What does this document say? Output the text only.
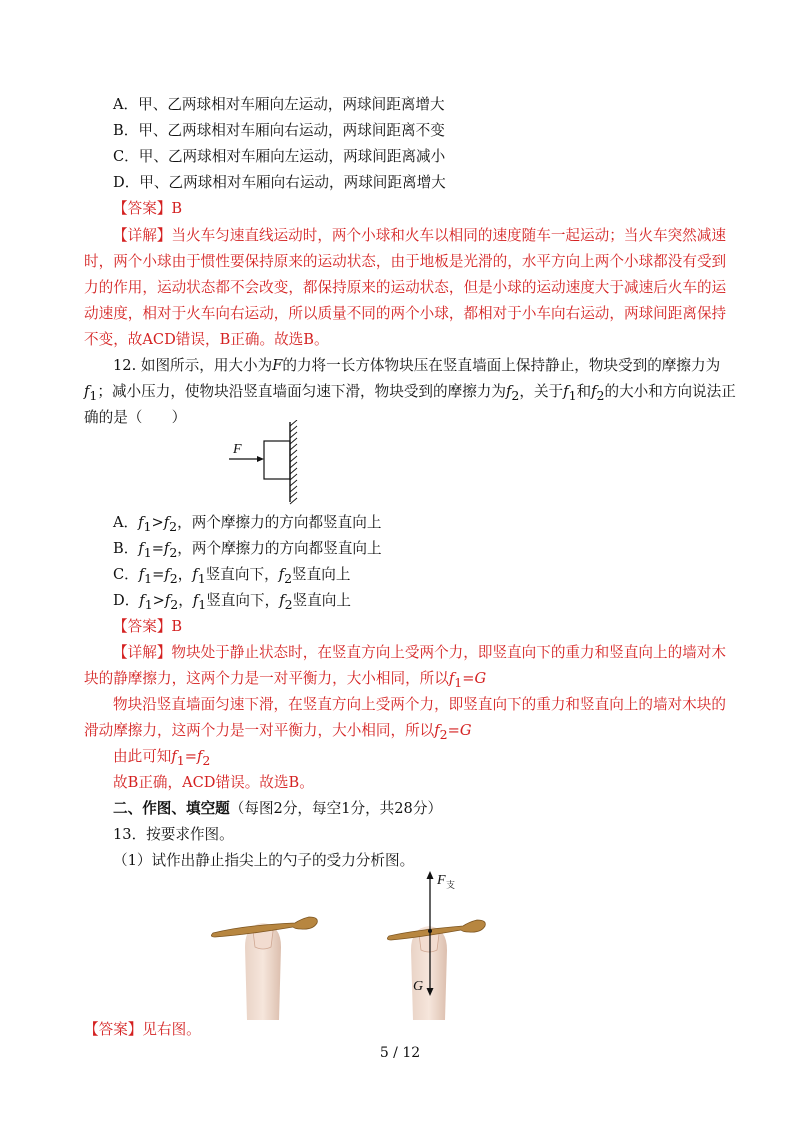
A．甲、乙两球相对车厢向左运动，两球间距离增大
B．甲、乙两球相对车厢向右运动，两球间距离不变
C．甲、乙两球相对车厢向左运动，两球间距离减小
D．甲、乙两球相对车厢向右运动，两球间距离增大
【答案】B
【详解】当火车匀速直线运动时，两个小球和火车以相同的速度随车一起运动；当火车突然减速
时，两个小球由于惯性要保持原来的运动状态，由于地板是光滑的，水平方向上两个小球都没有受到
力的作用，运动状态都不会改变，都保持原来的运动状态，但是小球的运动速度大于减速后火车的运
动速度，相对于火车向右运动，所以质量不同的两个小球，都相对于小车向右运动，两球间距离保持
不变，故ACD错误，B正确。故选B。
12. 如图所示，用大小为F的力将一长方体物块压在竖直墙面上保持静止，物块受到的摩擦力为
$f_1$；减小压力，使物块沿竖直墙面匀速下滑，物块受到的摩擦力为$f_2$，关于$f_1$和$f_2$的大小和方向说法正
确的是（　　）
F
A．$f_1>f_2$，两个摩擦力的方向都竖直向上
B．$f_1=f_2$，两个摩擦力的方向都竖直向上
C．$f_1=f_2$，$f_1$竖直向下，$f_2$竖直向上
D．$f_1>f_2$，$f_1$竖直向下，$f_2$竖直向上
【答案】B
【详解】物块处于静止状态时，在竖直方向上受两个力，即竖直向下的重力和竖直向上的墙对木
块的静摩擦力，这两个力是一对平衡力，大小相同，所以$f_1=G$
物块沿竖直墙面匀速下滑，在竖直方向上受两个力，即竖直向下的重力和竖直向上的墙对木块的
滑动摩擦力，这两个力是一对平衡力，大小相同，所以$f_2=G$
由此可知$f_1=f_2$
故B正确，ACD错误。故选B。
二、作图、填空题（每图2分，每空1分，共28分）
13．按要求作图。
（1）试作出静止指尖上的勺子的受力分析图。
F 支
G
【答案】见右图。
5 / 12
